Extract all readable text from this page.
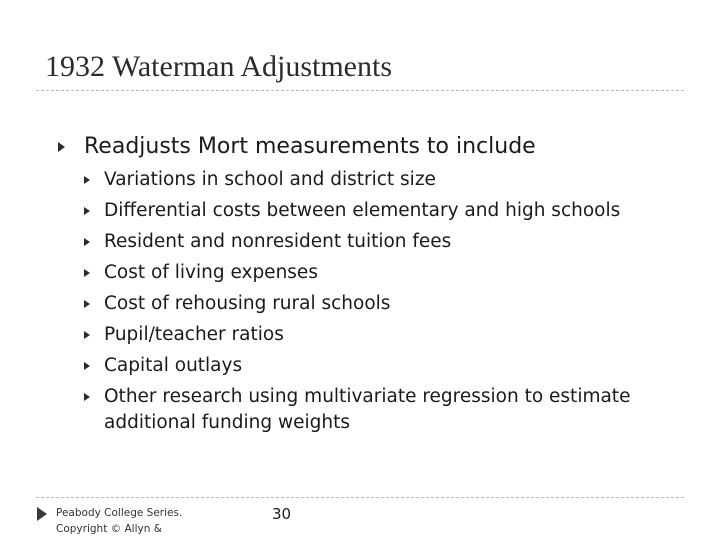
1932 Waterman Adjustments
Readjusts Mort measurements to include
Variations in school and district size
Differential costs between elementary and high schools
Resident and nonresident tuition fees
Cost of living expenses
Cost of rehousing rural schools
Pupil/teacher ratios
Capital outlays
Other research using multivariate regression to estimate additional funding weights
Peabody College Series.
Copyright © Allyn &
30
